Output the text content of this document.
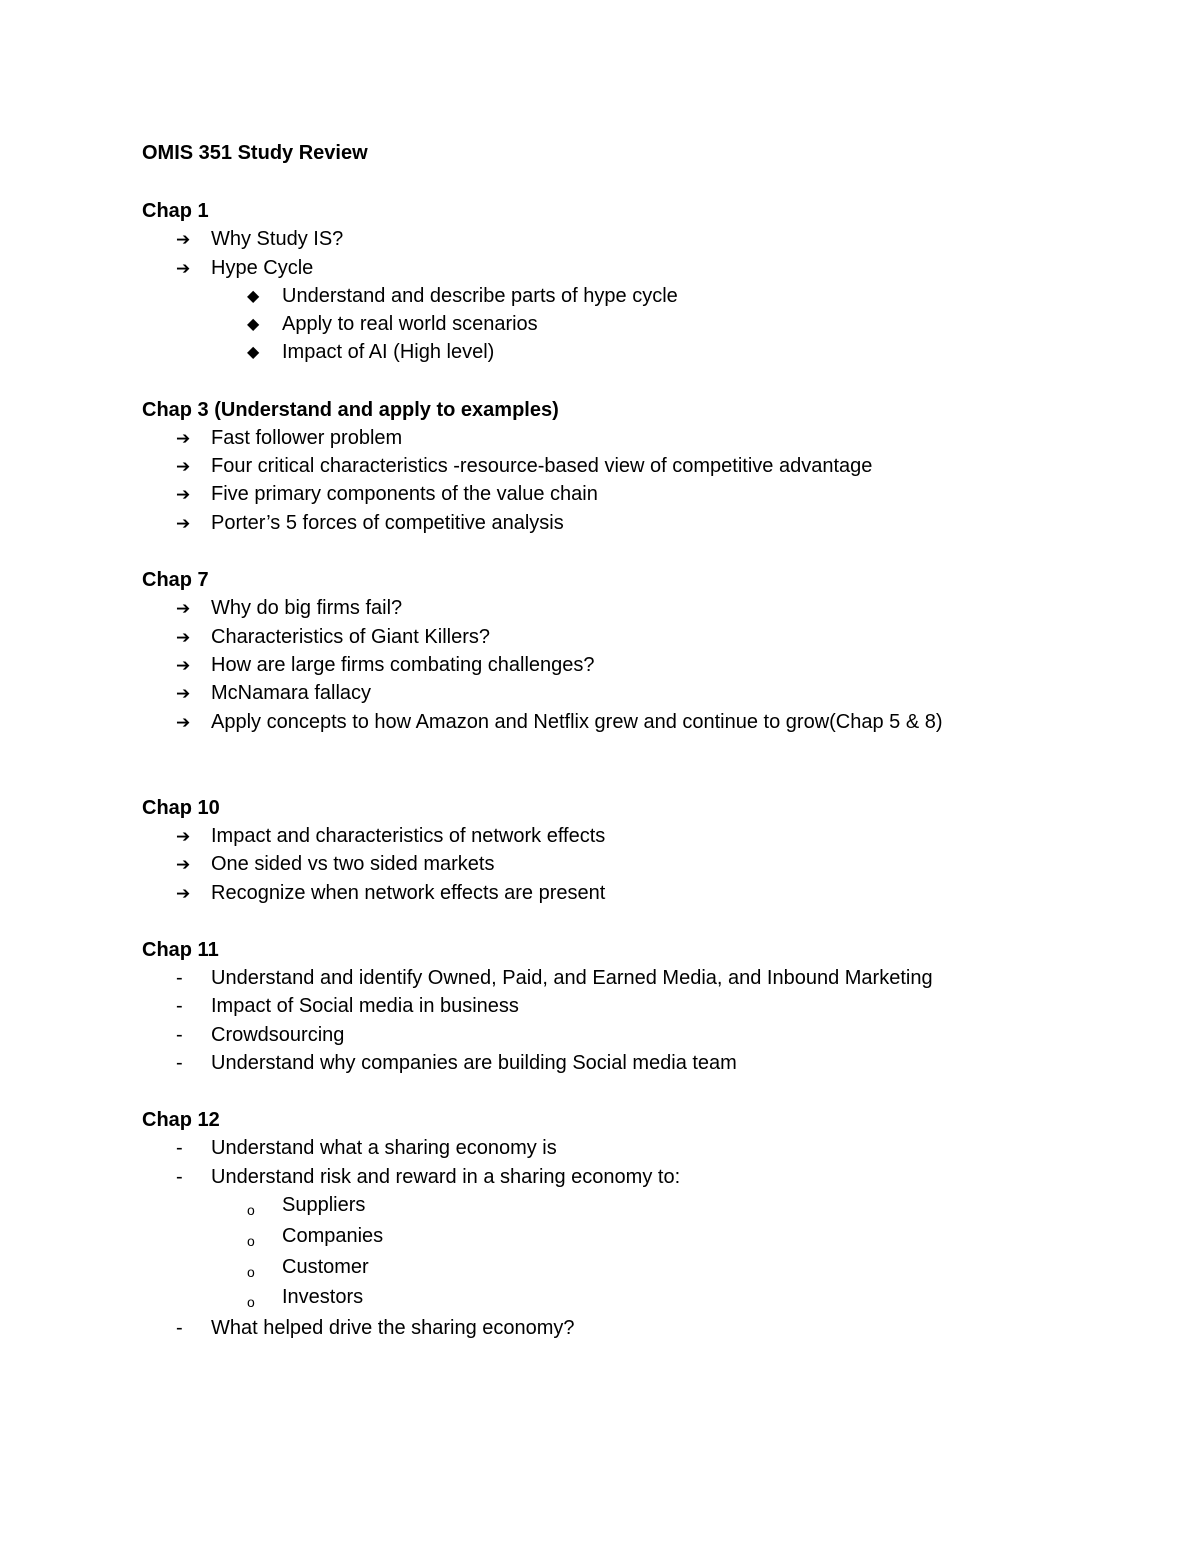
OMIS 351 Study Review
Chap 1
➔ Why Study IS?
➔ Hype Cycle
◆ Understand and describe parts of hype cycle
◆ Apply to real world scenarios
◆ Impact of AI (High level)
Chap 3 (Understand and apply to examples)
➔ Fast follower problem
➔ Four critical characteristics -resource-based view of competitive advantage
➔ Five primary components of the value chain
➔ Porter’s 5 forces of competitive analysis
Chap 7
➔ Why do big firms fail?
➔ Characteristics of Giant Killers?
➔ How are large firms combating challenges?
➔ McNamara fallacy
➔ Apply concepts to how Amazon and Netflix grew and continue to grow(Chap 5 & 8)
Chap 10
➔ Impact and characteristics of network effects
➔ One sided vs two sided markets
➔ Recognize when network effects are present
Chap 11
- Understand and identify Owned, Paid, and Earned Media, and Inbound Marketing
- Impact of Social media in business
- Crowdsourcing
- Understand why companies are building Social media team
Chap 12
- Understand what a sharing economy is
- Understand risk and reward in a sharing economy to:
o Suppliers
o Companies
o Customer
o Investors
- What helped drive the sharing economy?
